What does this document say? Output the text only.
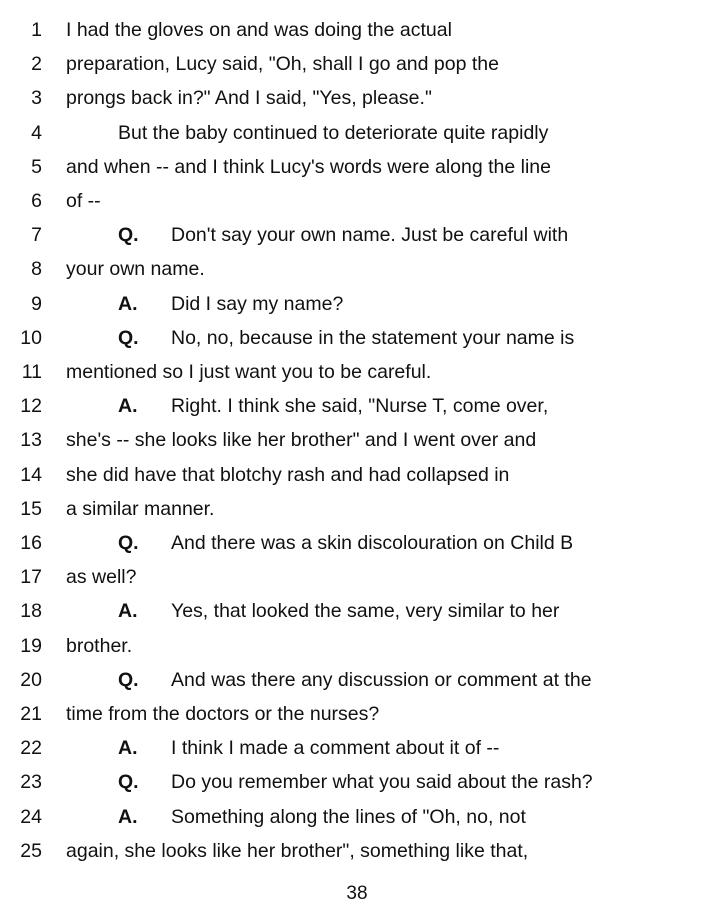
1 I had the gloves on and was doing the actual
2 preparation, Lucy said, "Oh, shall I go and pop the
3 prongs back in?" And I said, "Yes, please."
4	But the baby continued to deteriorate quite rapidly
5 and when -- and I think Lucy's words were along the line
6 of --
7	Q. Don't say your own name. Just be careful with
8 your own name.
9	A. Did I say my name?
10	Q. No, no, because in the statement your name is
11 mentioned so I just want you to be careful.
12	A. Right. I think she said, "Nurse T, come over,
13 she's -- she looks like her brother" and I went over and
14 she did have that blotchy rash and had collapsed in
15 a similar manner.
16	Q. And there was a skin discolouration on Child B
17 as well?
18	A. Yes, that looked the same, very similar to her
19 brother.
20	Q. And was there any discussion or comment at the
21 time from the doctors or the nurses?
22	A. I think I made a comment about it of --
23	Q. Do you remember what you said about the rash?
24	A. Something along the lines of "Oh, no, not
25 again, she looks like her brother", something like that,
38
